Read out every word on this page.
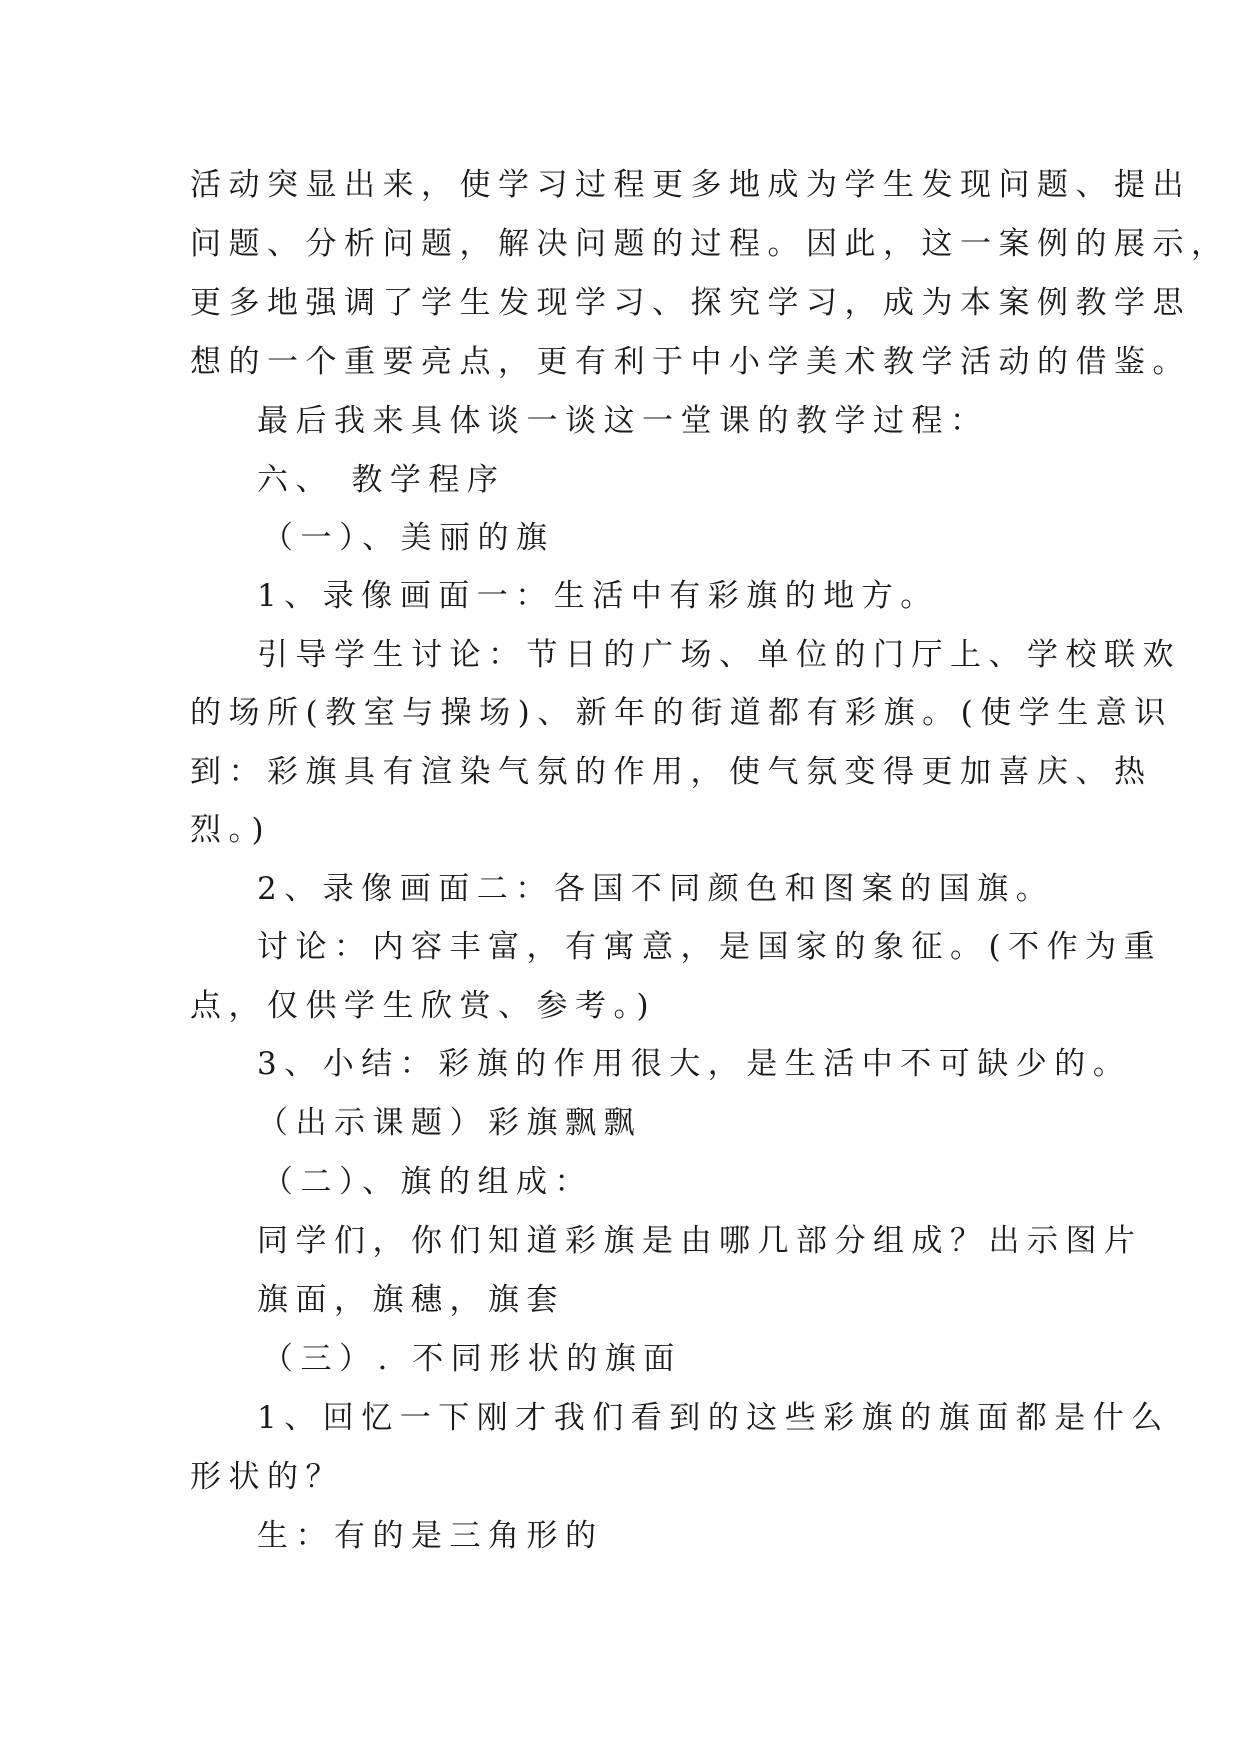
活动突显出来，使学习过程更多地成为学生发现问题、提出
问题、分析问题，解决问题的过程。因此，这一案例的展示，
更多地强调了学生发现学习、探究学习，成为本案例教学思
想的一个重要亮点，更有利于中小学美术教学活动的借鉴。
最后我来具体谈一谈这一堂课的教学过程：
六、 教学程序
（一）、美丽的旗
1、录像画面一：生活中有彩旗的地方。
引导学生讨论：节日的广场、单位的门厅上、学校联欢
的场所(教室与操场)、新年的街道都有彩旗。(使学生意识
到：彩旗具有渲染气氛的作用，使气氛变得更加喜庆、热
烈。)
2、录像画面二：各国不同颜色和图案的国旗。
讨论：内容丰富，有寓意，是国家的象征。(不作为重
点，仅供学生欣赏、参考。)
3、小结：彩旗的作用很大，是生活中不可缺少的。
（出示课题）彩旗飘飘
（二）、旗的组成：
同学们，你们知道彩旗是由哪几部分组成？出示图片
旗面，旗穗，旗套
（三）. 不同形状的旗面
1、回忆一下刚才我们看到的这些彩旗的旗面都是什么
形状的？
生：有的是三角形的
